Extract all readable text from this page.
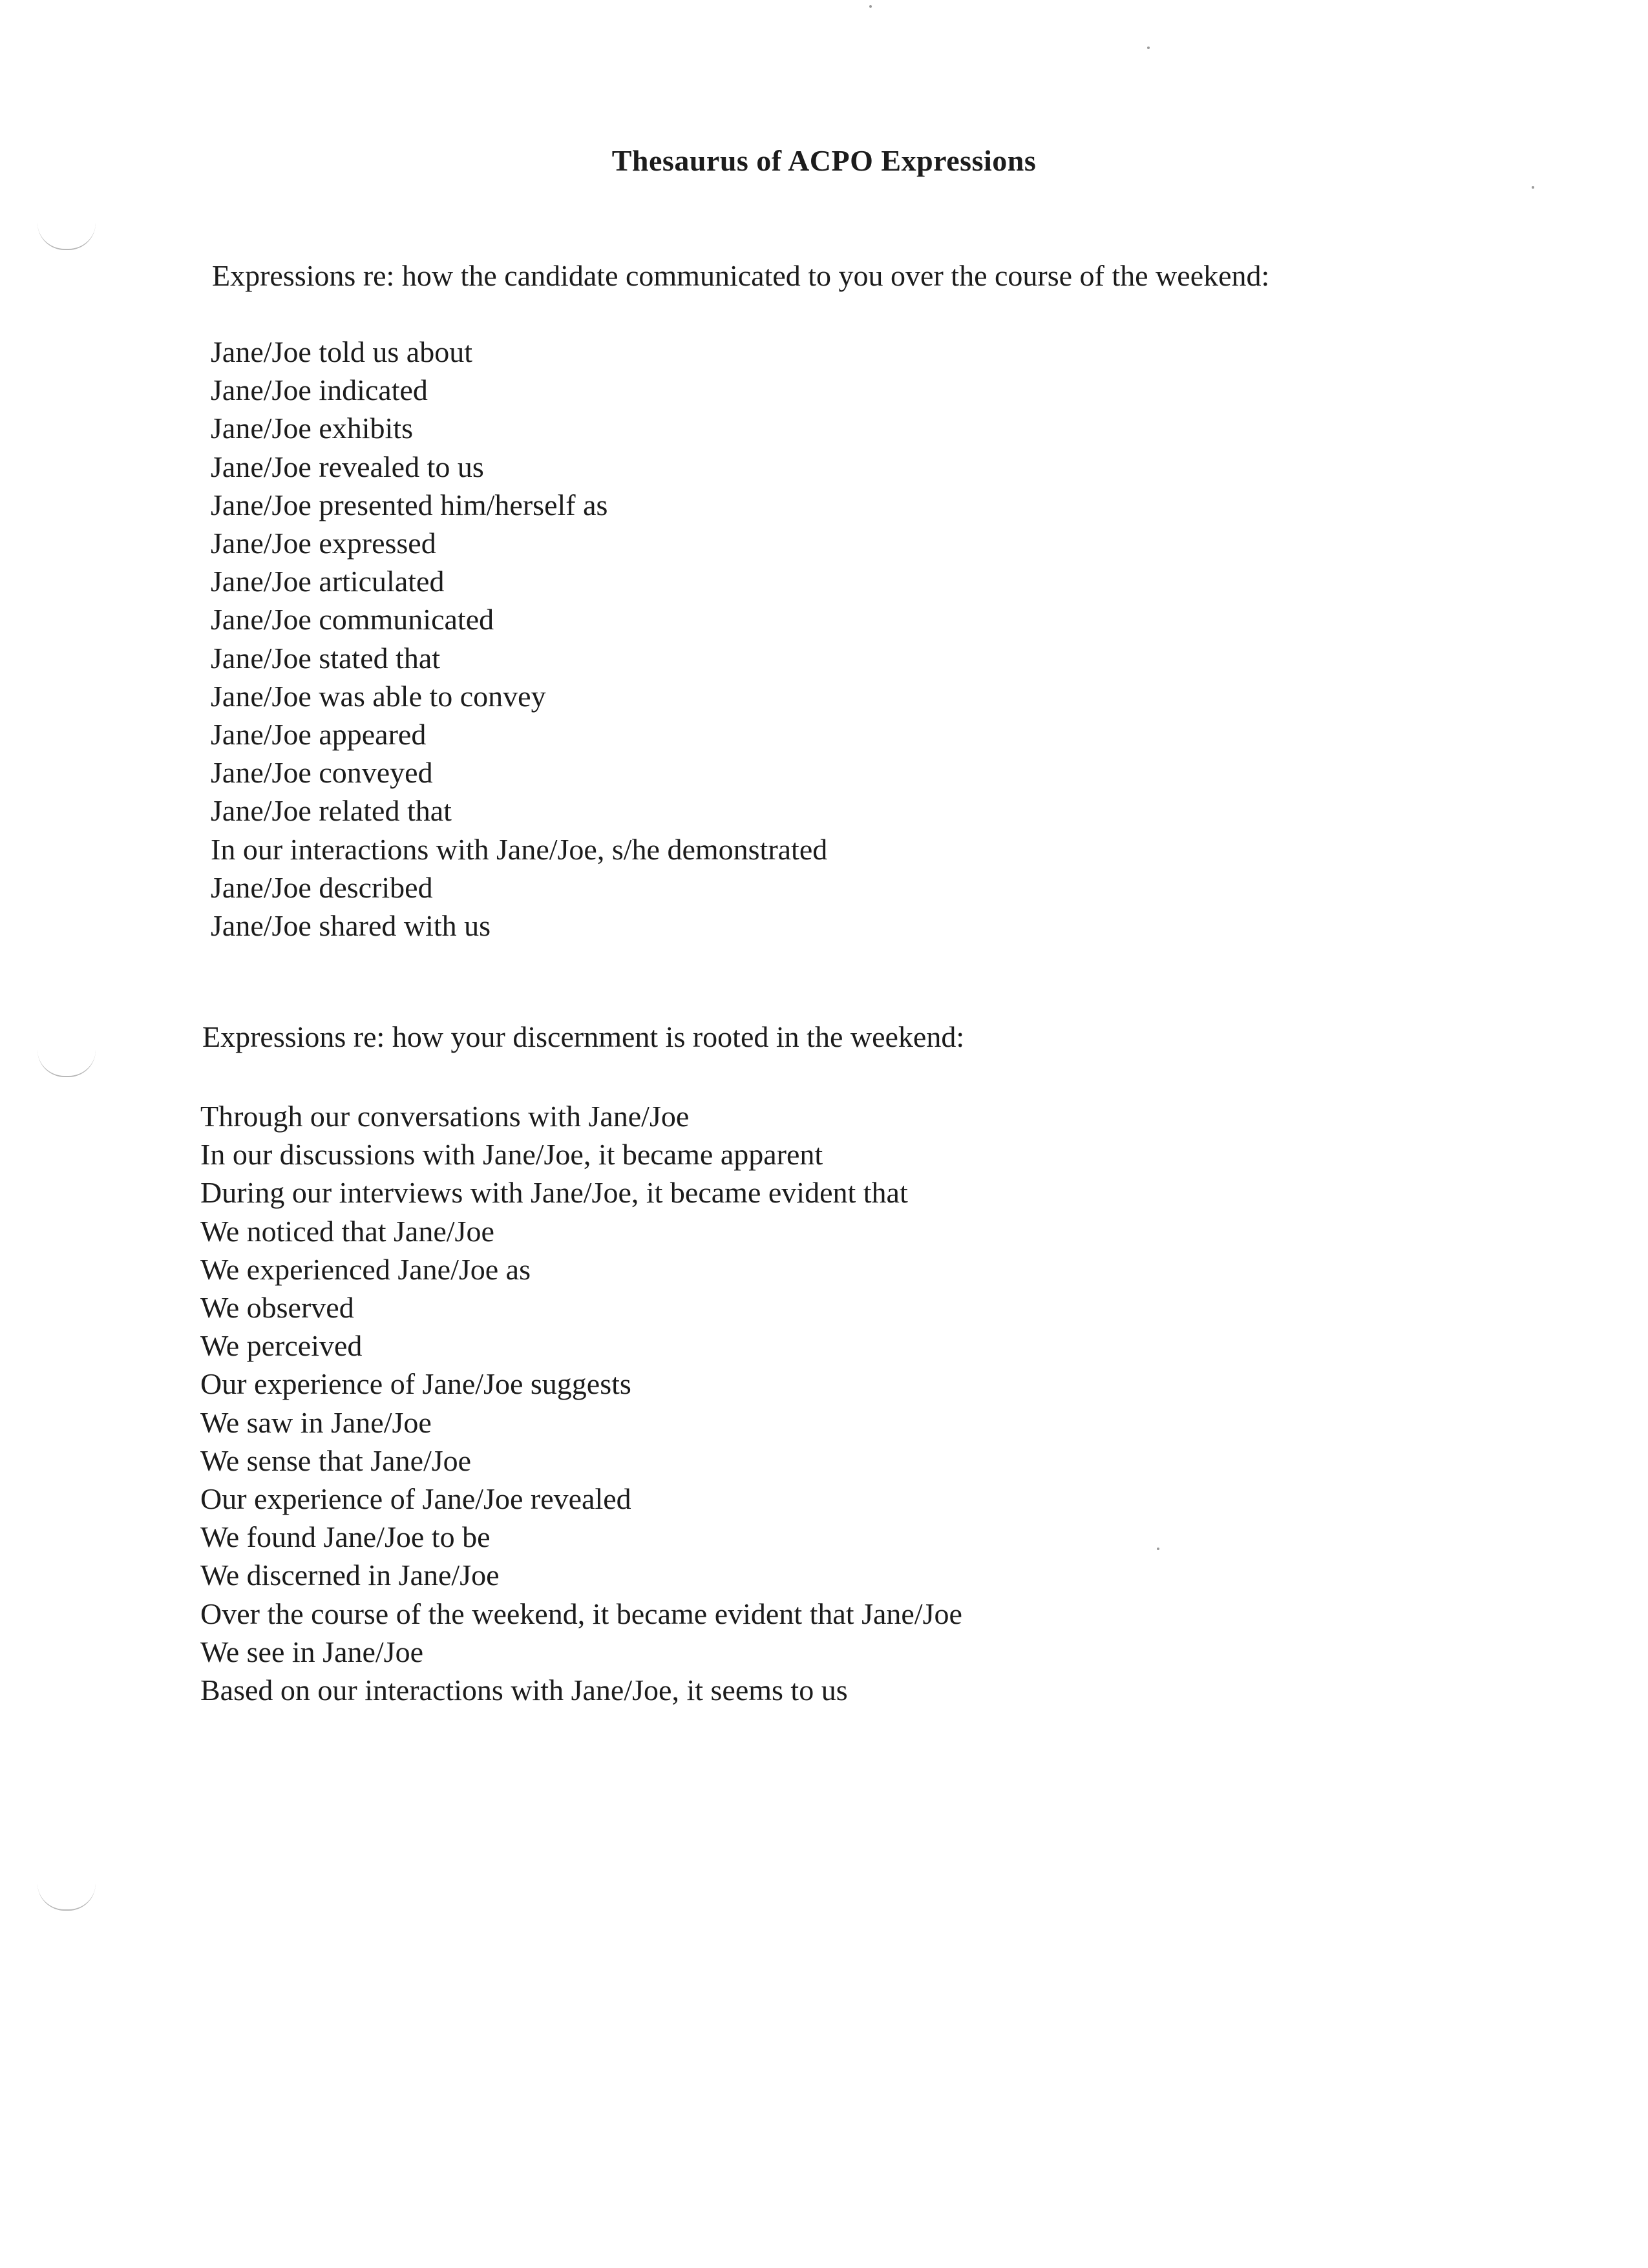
Thesaurus of ACPO Expressions

Expressions re: how the candidate communicated to you over the course of the weekend:

Jane/Joe told us about
Jane/Joe indicated
Jane/Joe exhibits
Jane/Joe revealed to us
Jane/Joe presented him/herself as
Jane/Joe expressed
Jane/Joe articulated
Jane/Joe communicated
Jane/Joe stated that
Jane/Joe was able to convey
Jane/Joe appeared
Jane/Joe conveyed
Jane/Joe related that
In our interactions with Jane/Joe, s/he demonstrated
Jane/Joe described
Jane/Joe shared with us

Expressions re: how your discernment is rooted in the weekend:

Through our conversations with Jane/Joe
In our discussions with Jane/Joe, it became apparent
During our interviews with Jane/Joe, it became evident that
We noticed that Jane/Joe
We experienced Jane/Joe as
We observed
We perceived
Our experience of Jane/Joe suggests
We saw in Jane/Joe
We sense that Jane/Joe
Our experience of Jane/Joe revealed
We found Jane/Joe to be
We discerned in Jane/Joe
Over the course of the weekend, it became evident that Jane/Joe
We see in Jane/Joe
Based on our interactions with Jane/Joe, it seems to us
